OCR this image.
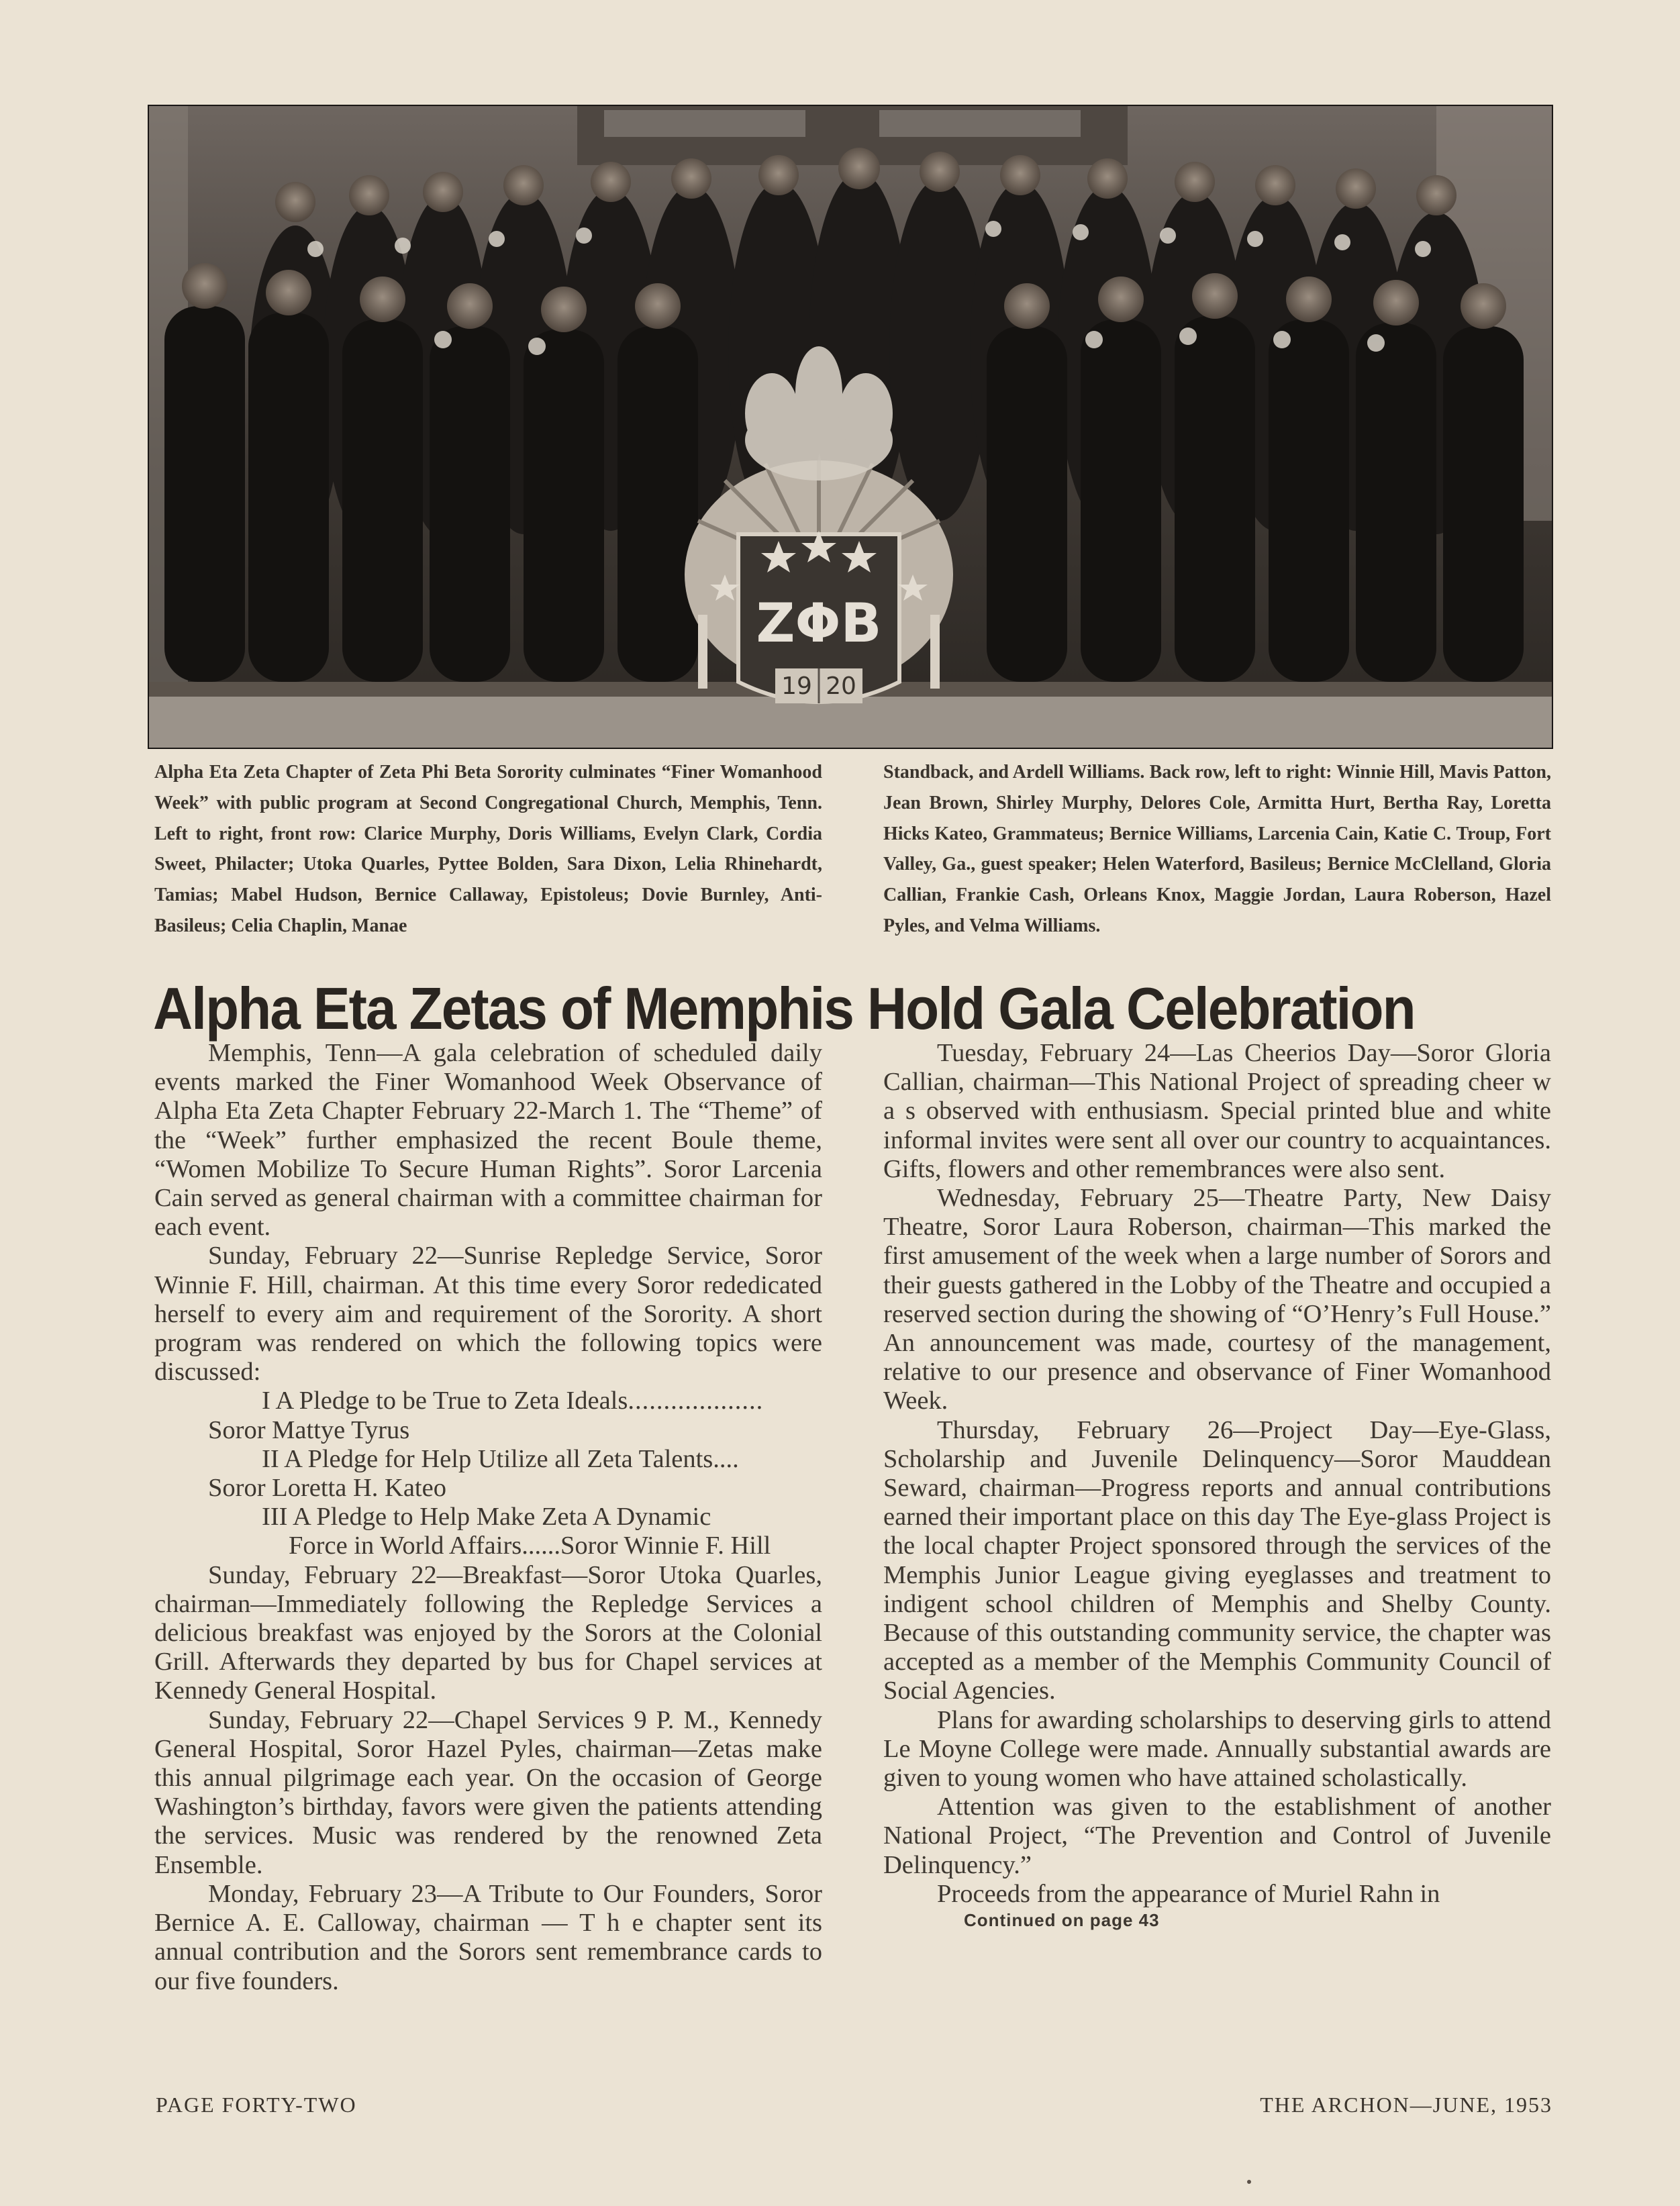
ΖΦΒ
19 20

Alpha Eta Zeta Chapter of Zeta Phi Beta Sorority culminates “Finer Womanhood Week” with public program at Second Congregational Church, Memphis, Tenn. Left to right, front row: Clarice Murphy, Doris Williams, Evelyn Clark, Cordia Sweet, Philacter; Utoka Quarles, Pyttee Bolden, Sara Dixon, Lelia Rhinehardt, Tamias; Mabel Hudson, Bernice Callaway, Epistoleus; Dovie Burnley, Anti-Basileus; Celia Chaplin, Manae

Standback, and Ardell Williams. Back row, left to right: Winnie Hill, Mavis Patton, Jean Brown, Shirley Murphy, Delores Cole, Armitta Hurt, Bertha Ray, Loretta Hicks Kateo, Grammateus; Bernice Williams, Larcenia Cain, Katie C. Troup, Fort Valley, Ga., guest speaker; Helen Waterford, Basileus; Bernice McClelland, Gloria Callian, Frankie Cash, Orleans Knox, Maggie Jordan, Laura Roberson, Hazel Pyles, and Velma Williams.

Alpha Eta Zetas of Memphis Hold Gala Celebration

Memphis, Tenn—A gala celebration of scheduled daily events marked the Finer Womanhood Week Observance of Alpha Eta Zeta Chapter February 22-March 1. The “Theme” of the “Week” further emphasized the recent Boule theme, “Women Mobilize To Secure Human Rights”. Soror Larcenia Cain served as general chairman with a committee chairman for each event.

Sunday, February 22—Sunrise Repledge Service, Soror Winnie F. Hill, chairman. At this time every Soror rededicated herself to every aim and requirement of the Sorority. A short program was rendered on which the following topics were discussed:

I A Pledge to be True to Zeta Ideals...................

Soror Mattye Tyrus

II A Pledge for Help Utilize all Zeta Talents....

Soror Loretta H. Kateo

III A Pledge to Help Make Zeta A Dynamic

Force in World Affairs......Soror Winnie F. Hill

Sunday, February 22—Breakfast—Soror Utoka Quarles, chairman—Immediately following the Repledge Services a delicious breakfast was enjoyed by the Sorors at the Colonial Grill. Afterwards they departed by bus for Chapel services at Kennedy General Hospital.

Sunday, February 22—Chapel Services 9 P. M., Kennedy General Hospital, Soror Hazel Pyles, chairman—Zetas make this annual pilgrimage each year. On the occasion of George Washington’s birthday, favors were given the patients attending the services. Music was rendered by the renowned Zeta Ensemble.

Monday, February 23—A Tribute to Our Founders, Soror Bernice A. E. Calloway, chairman — T h e chapter sent its annual contribution and the Sorors sent remembrance cards to our five founders.

Tuesday, February 24—Las Cheerios Day—Soror Gloria Callian, chairman—This National Project of spreading cheer w a s observed with enthusiasm. Special printed blue and white informal invites were sent all over our country to acquaintances. Gifts, flowers and other remembrances were also sent.

Wednesday, February 25—Theatre Party, New Daisy Theatre, Soror Laura Roberson, chairman—This marked the first amusement of the week when a large number of Sorors and their guests gathered in the Lobby of the Theatre and occupied a reserved section during the showing of “O’Henry’s Full House.” An announcement was made, courtesy of the management, relative to our presence and observance of Finer Womanhood Week.

Thursday, February 26—Project Day—Eye-Glass, Scholarship and Juvenile Delinquency—Soror Mauddean Seward, chairman—Progress reports and annual contributions earned their important place on this day The Eye-glass Project is the local chapter Project sponsored through the services of the Memphis Junior League giving eyeglasses and treatment to indigent school children of Memphis and Shelby County. Because of this outstanding community service, the chapter was accepted as a member of the Memphis Community Council of Social Agencies.

Plans for awarding scholarships to deserving girls to attend Le Moyne College were made. Annually substantial awards are given to young women who have attained scholastically.

Attention was given to the establishment of another National Project, “The Prevention and Control of Juvenile Delinquency.”

Proceeds from the appearance of Muriel Rahn in

Continued on page 43

PAGE FORTY-TWO	THE ARCHON—JUNE, 1953
